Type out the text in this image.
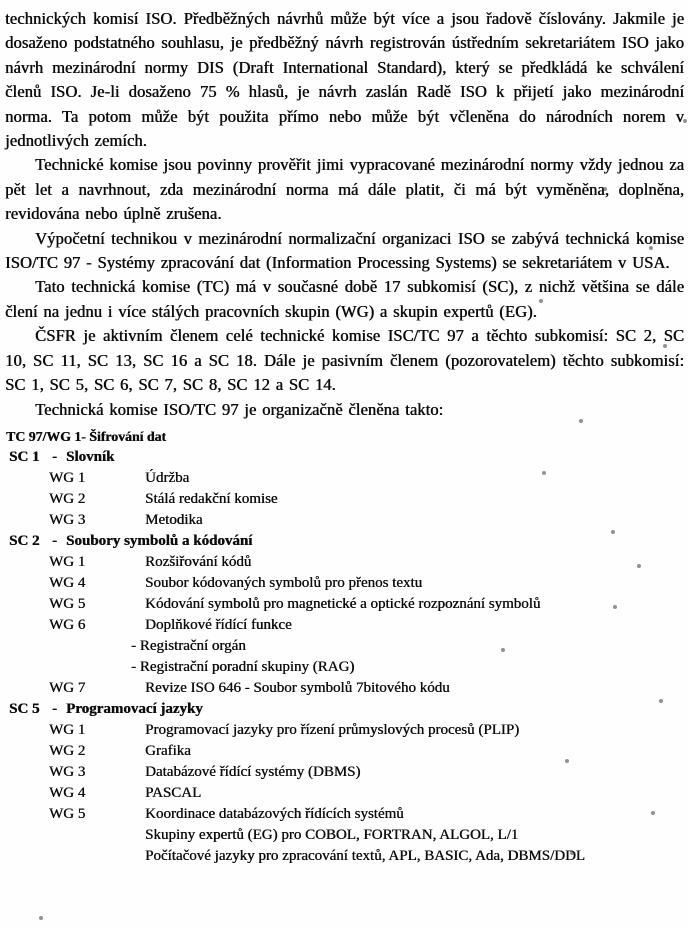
technických komisí ISO. Předběžných návrhů může být více a jsou řadově číslovány. Jakmile je dosaženo podstatného souhlasu, je předběžný návrh registrován ústředním sekretariátem ISO jako návrh mezinárodní normy DIS (Draft International Standard), který se předkládá ke schválení členů ISO. Je-li dosaženo 75 % hlasů, je návrh zaslán Radě ISO k přijetí jako mezinárodní norma. Ta potom může být použita přímo nebo může být včleněna do národních norem v jednotlivých zemích.

Technické komise jsou povinny prověřit jimi vypracované mezinárodní normy vždy jednou za pět let a navrhnout, zda mezinárodní norma má dále platit, či má být vyměněna, doplněna, revidována nebo úplně zrušena.

Výpočetní technikou v mezinárodní normalizační organizaci ISO se zabývá technická komise ISO/TC 97 - Systémy zpracování dat (Information Processing Systems) se sekretariátem v USA.

Tato technická komise (TC) má v současné době 17 subkomisí (SC), z nichž většina se dále člení na jednu i více stálých pracovních skupin (WG) a skupin expertů (EG).

ČSFR je aktivním členem celé technické komise ISC/TC 97 a těchto subkomisí: SC 2, SC 10, SC 11, SC 13, SC 16 a SC 18. Dále je pasivním členem (pozorovatelem) těchto subkomisí: SC 1, SC 5, SC 6, SC 7, SC 8, SC 12 a SC 14.

Technická komise ISO/TC 97 je organizačně členěna takto:

TC 97/WG 1- Šifrování dat
SC 1 - Slovník
WG 1	Údržba
WG 2	Stálá redakční komise
WG 3	Metodika
SC 2 - Soubory symbolů a kódování
WG 1	Rozšiřování kódů
WG 4	Soubor kódovaných symbolů pro přenos textu
WG 5	Kódování symbolů pro magnetické a optické rozpoznání symbolů
WG 6	Doplňkové řídící funkce
- Registrační orgán
- Registrační poradní skupiny (RAG)
WG 7	Revize ISO 646 - Soubor symbolů 7bitového kódu
SC 5 - Programovací jazyky
WG 1	Programovací jazyky pro řízení průmyslových procesů (PLIP)
WG 2	Grafika
WG 3	Databázové řídící systémy (DBMS)
WG 4	PASCAL
WG 5	Koordinace databázových řídících systémů
Skupiny expertů (EG) pro COBOL, FORTRAN, ALGOL, L/1
Počítačové jazyky pro zpracování textů, APL, BASIC, Ada, DBMS/DDL
